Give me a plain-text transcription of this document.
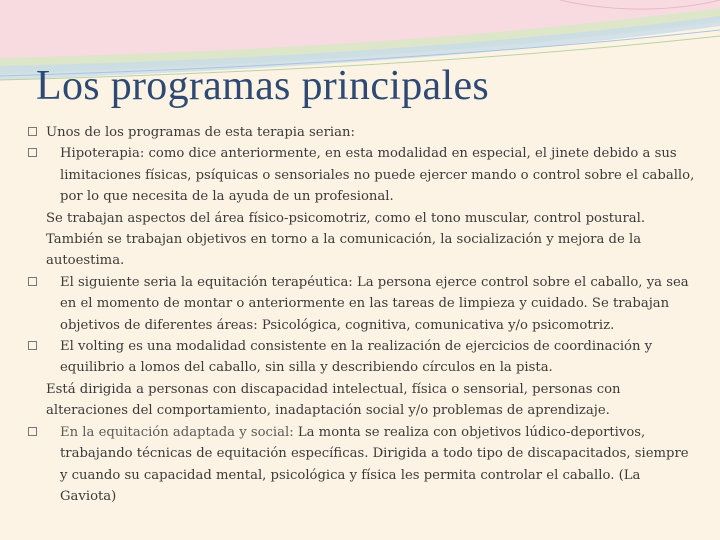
Los programas principales
Unos de los programas de esta terapia serian:
Hipoterapia: como dice anteriormente, en esta modalidad en especial, el jinete debido a sus limitaciones físicas, psíquicas o sensoriales no puede ejercer mando o control sobre el caballo, por lo que necesita de la ayuda de un profesional.
Se trabajan aspectos del área físico-psicomotriz, como el tono muscular, control postural. También se trabajan objetivos en torno a la comunicación, la socialización y mejora de la autoestima.
El siguiente seria la equitación terapéutica: La persona ejerce control sobre el caballo, ya sea en el momento de montar o anteriormente en las tareas de limpieza y cuidado. Se trabajan objetivos de diferentes áreas: Psicológica, cognitiva, comunicativa y/o psicomotriz.
El volting es una modalidad consistente en la realización de ejercicios de coordinación y equilibrio a lomos del caballo, sin silla y describiendo círculos en la pista.
Está dirigida a personas con discapacidad intelectual, física o sensorial, personas con alteraciones del comportamiento, inadaptación social y/o problemas de aprendizaje.
En la equitación adaptada y social: La monta se realiza con objetivos lúdico-deportivos, trabajando técnicas de equitación específicas. Dirigida a todo tipo de discapacitados, siempre y cuando su capacidad mental, psicológica y física les permita controlar el caballo. (La Gaviota)
